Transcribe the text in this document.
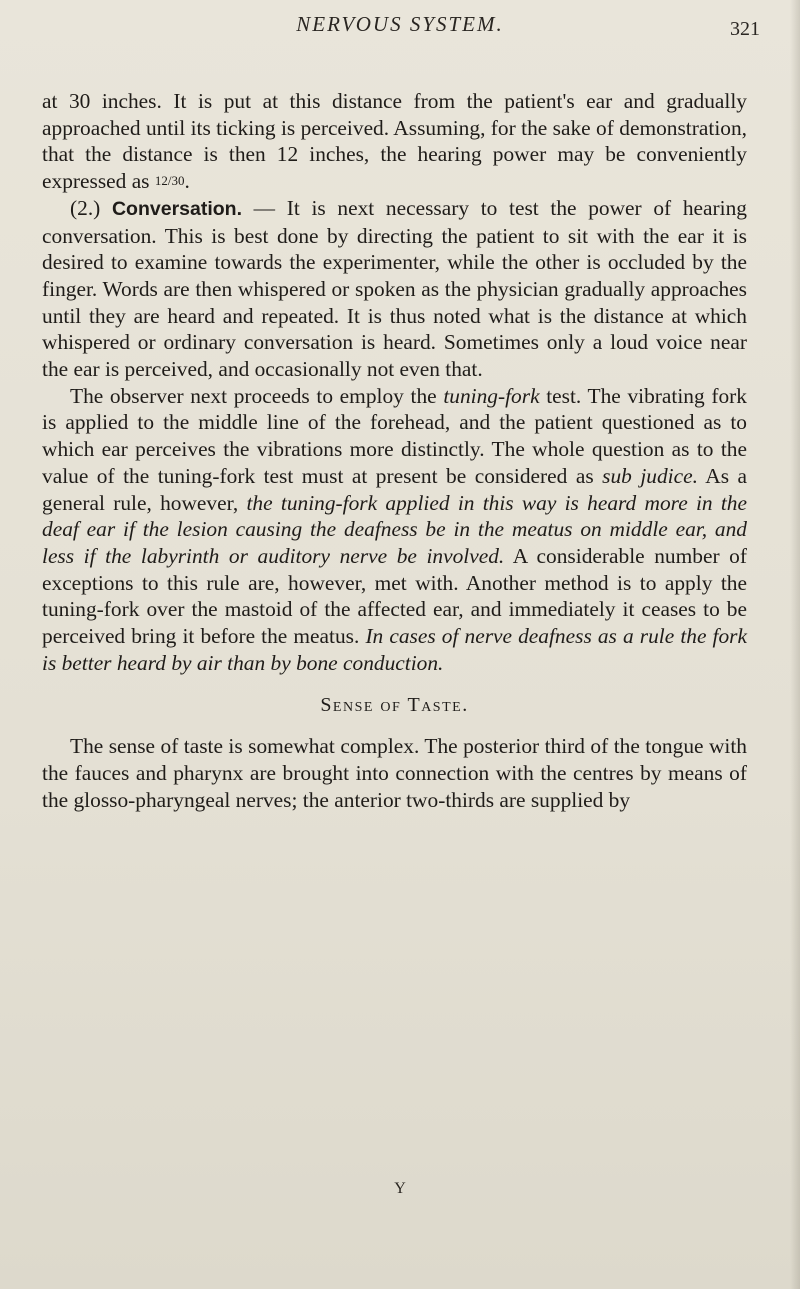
NERVOUS SYSTEM.	321

at 30 inches. It is put at this distance from the patient's ear and gradually approached until its ticking is perceived. Assuming, for the sake of demonstration, that the distance is then 12 inches, the hearing power may be conveniently expressed as 12/30.

(2.) Conversation. — It is next necessary to test the power of hearing conversation. This is best done by directing the patient to sit with the ear it is desired to examine towards the experimenter, while the other is occluded by the finger. Words are then whispered or spoken as the physician gradually approaches until they are heard and repeated. It is thus noted what is the distance at which whispered or ordinary conversation is heard. Sometimes only a loud voice near the ear is perceived, and occasionally not even that.

The observer next proceeds to employ the tuning-fork test. The vibrating fork is applied to the middle line of the forehead, and the patient questioned as to which ear perceives the vibrations more distinctly. The whole question as to the value of the tuning-fork test must at present be considered as sub judice. As a general rule, however, the tuning-fork applied in this way is heard more in the deaf ear if the lesion causing the deafness be in the meatus on middle ear, and less if the labyrinth or auditory nerve be involved. A considerable number of exceptions to this rule are, however, met with. Another method is to apply the tuning-fork over the mastoid of the affected ear, and immediately it ceases to be perceived bring it before the meatus. In cases of nerve deafness as a rule the fork is better heard by air than by bone conduction.

Sense of Taste.

The sense of taste is somewhat complex. The posterior third of the tongue with the fauces and pharynx are brought into connection with the centres by means of the glosso-pharyngeal nerves; the anterior two-thirds are supplied by

Y
